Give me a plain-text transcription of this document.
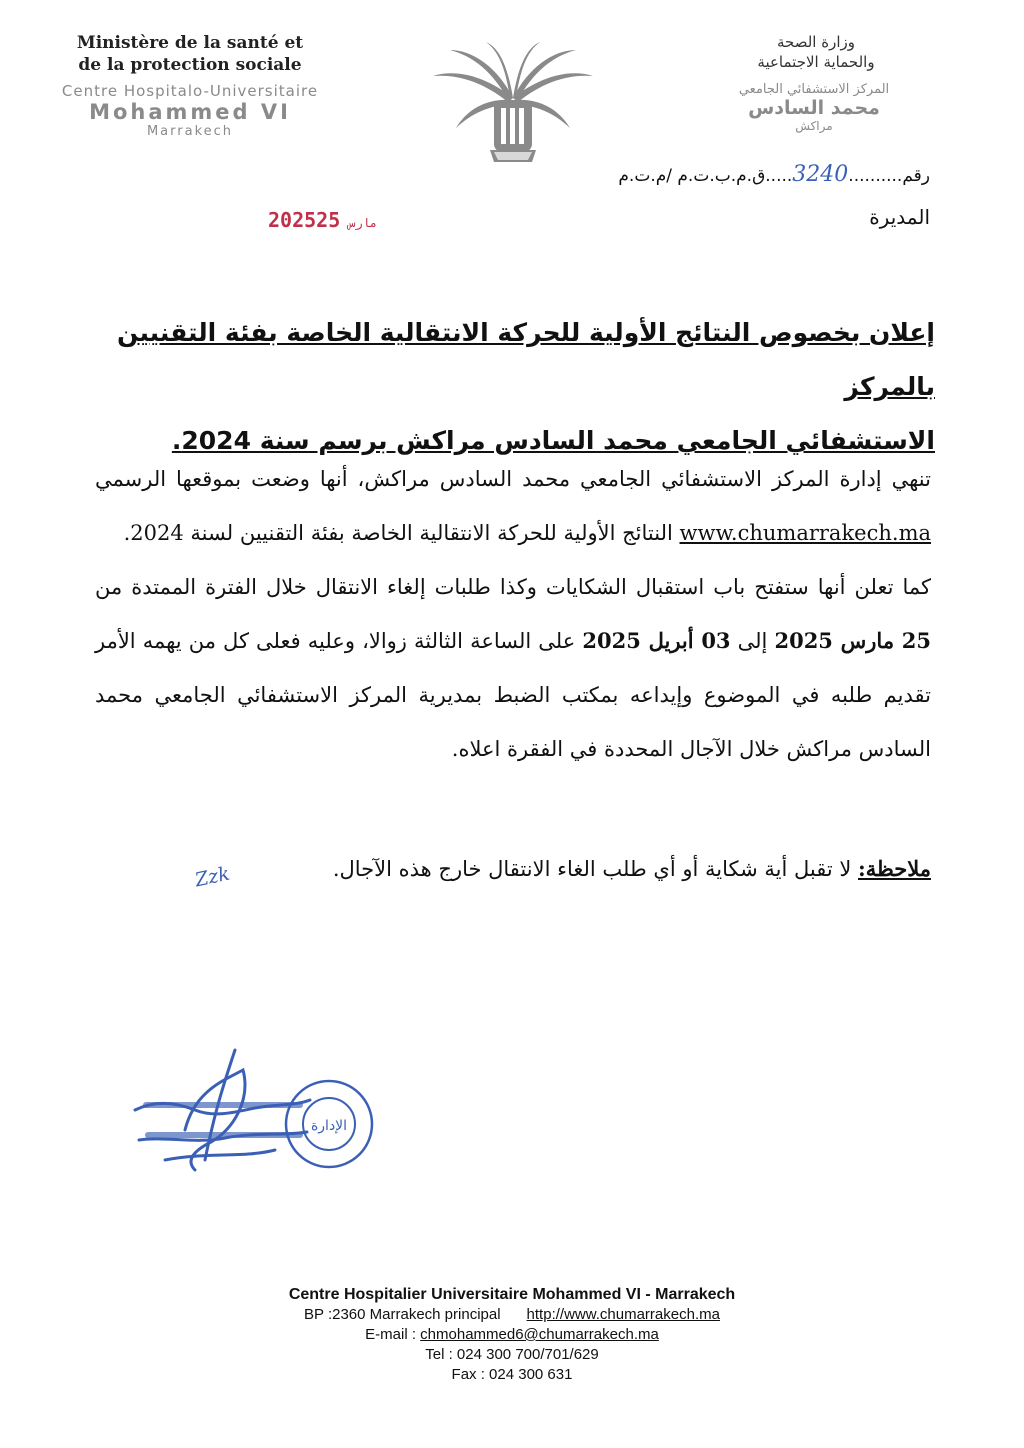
Ministère de la santé et
de la protection sociale
Centre Hospitalo-Universitaire
Mohammed VI
Marrakech
وزارة الصحة
والحماية الاجتماعية
المركز الاستشفائي الجامعي
محمد السادس
مراكش
رقم..........3240.....ق.م.ب.ت.م /م.ت.م
المديرة
2025	مارس25
إعلان بخصوص النتائج الأولية للحركة الانتقالية الخاصة بفئة التقنيين بالمركز
الاستشفائي الجامعي محمد السادس مراكش برسم سنة 2024.

تنهي إدارة المركز الاستشفائي الجامعي محمد السادس مراكش، أنها وضعت بموقعها الرسمي www.chumarrakech.ma النتائج الأولية للحركة الانتقالية الخاصة بفئة التقنيين لسنة 2024.

كما تعلن أنها ستفتح باب استقبال الشكايات وكذا طلبات إلغاء الانتقال خلال الفترة الممتدة من 25 مارس 2025 إلى 03 أبريل 2025 على الساعة الثالثة زوالا، وعليه فعلى كل من يهمه الأمر تقديم طلبه في الموضوع وإيداعه بمكتب الضبط بمديرية المركز الاستشفائي الجامعي محمد السادس مراكش خلال الآجال المحددة في الفقرة اعلاه.

ملاحظة: لا تقبل أية شكاية أو أي طلب الغاء الانتقال خارج هذه الآجال.
Zzk
الإدارة
Centre Hospitalier Universitaire Mohammed VI - Marrakech
BP :2360 Marrakech principal http://www.chumarrakech.ma
E-mail : chmohammed6@chumarrakech.ma
Tel : 024 300 700/701/629
Fax : 024 300 631
